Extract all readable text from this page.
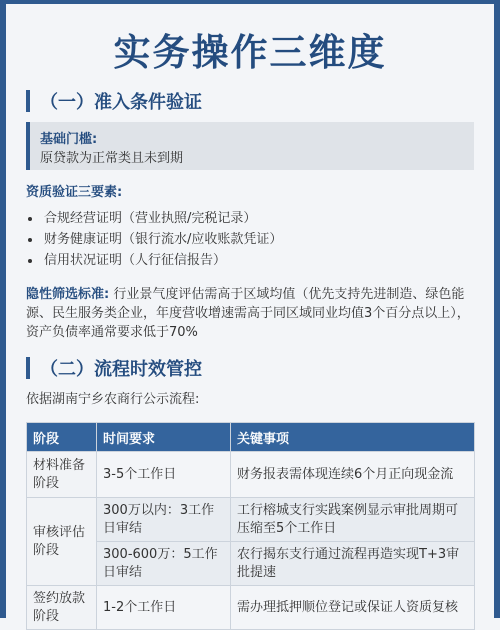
实务操作三维度
（一）准入条件验证
基础门槛:
原贷款为正常类且未到期
资质验证三要素:
• 合规经营证明（营业执照/完税记录）
• 财务健康证明（银行流水/应收账款凭证）
• 信用状况证明（人行征信报告）
隐性筛选标准: 行业景气度评估需高于区域均值（优先支持先进制造、绿色能源、民生服务类企业，年度营收增速需高于同区域同业均值3个百分点以上），资产负债率通常要求低于70%
（二）流程时效管控
依据湖南宁乡农商行公示流程:
阶段	时间要求	关键事项
材料准备阶段	3-5个工作日	财务报表需体现连续6个月正向现金流
审核评估阶段	300万以内：3工作日审结	工行榕城支行实践案例显示审批周期可压缩至5个工作日
	300-600万：5工作日审结	农行揭东支行通过流程再造实现T+3审批提速
签约放款阶段	1-2个工作日	需办理抵押顺位登记或保证人资质复核
